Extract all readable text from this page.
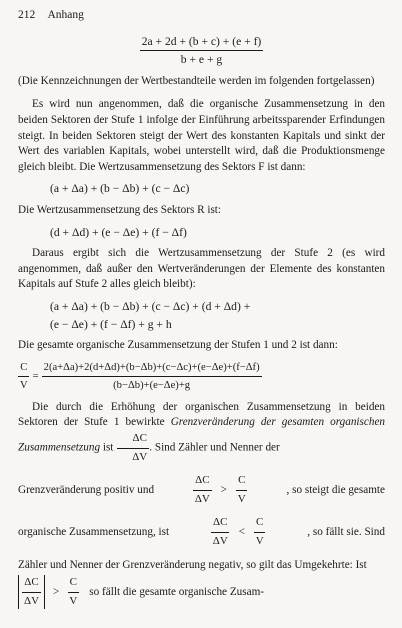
212 Anhang
$\frac{2a + 2d + (b + c) + (e + f)}{b + e + g}$

(Die Kennzeichnungen der Wertbestandteile werden im folgenden fortgelassen)

Es wird nun angenommen, daß die organische Zusammensetzung in den beiden Sektoren der Stufe 1 infolge der Einführung arbeitssparender Erfindungen steigt. In beiden Sektoren steigt der Wert des konstanten Kapitals und sinkt der Wert des variablen Kapitals, wobei unterstellt wird, daß die Produktionsmenge gleich bleibt. Die Wertzusammensetzung des Sektors F ist dann:

(a + Δa) + (b − Δb) + (c − Δc)

Die Wertzusammensetzung des Sektors R ist:

(d + Δd) + (e − Δe) + (f − Δf)

Daraus ergibt sich die Wertzusammensetzung der Stufe 2 (es wird angenommen, daß außer den Wertveränderungen der Elemente des konstanten Kapitals auf Stufe 2 alles gleich bleibt):

(a + Δa) + (b − Δb) + (c − Δc) + (d + Δd) +
(e − Δe) + (f − Δf) + g + h

Die gesamte organische Zusammensetzung der Stufen 1 und 2 ist dann:

$\frac{C}{V} = \frac{2(a+\Delta a)+2(d+\Delta d)+(b-\Delta b)+(c-\Delta c)+(e-\Delta e)+(f-\Delta f)}{(b-\Delta b)+(e-\Delta e)+g}$

Die durch die Erhöhung der organischen Zusammensetzung in beiden Sektoren der Stufe 1 bewirkte Grenzveränderung der gesamten organischen Zusammensetzung ist $\frac{\Delta C}{\Delta V}$ . Sind Zähler und Nenner der

Grenzveränderung positiv und	$\frac{\Delta C}{\Delta V} > \frac{C}{V}$	, so steigt die gesamte
organische Zusammensetzung, ist	$\frac{\Delta C}{\Delta V} < \frac{C}{V}$	, so fällt sie. Sind

Zähler und Nenner der Grenzveränderung negativ, so gilt das Umgekehrte: Ist

$\frac{\Delta C}{\Delta V} > \frac{C}{V}$ so fällt die gesamte organische Zusam-
